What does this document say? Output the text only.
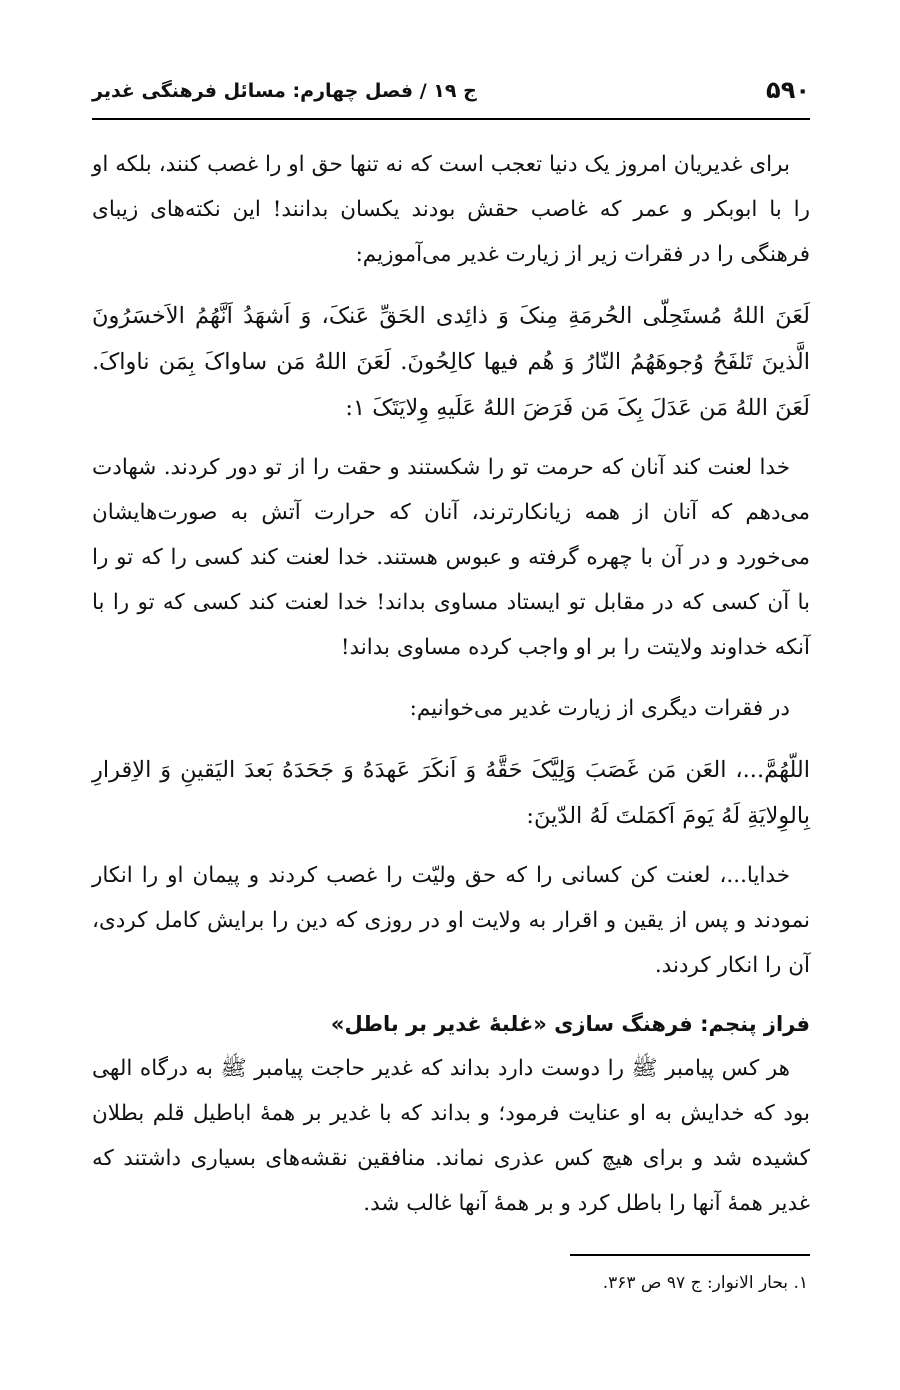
۵۹۰
ج ۱۹ / فصل چهارم: مسائل فرهنگی غدیر

برای غدیریان امروز یک دنیا تعجب است که نه تنها حق او را غصب کنند، بلکه او را با ابوبکر و عمر که غاصب حقش بودند یکسان بدانند! این نکته‌های زیبای فرهنگی را در فقرات زیر از زیارت غدیر می‌آموزیم:

لَعَنَ اللهُ مُستَحِلّی الحُرمَةِ مِنکَ وَ ذائِدی الحَقِّ عَنکَ، وَ اَشهَدُ اَنَّهُمُ الاَخسَرُونَ الَّذینَ تَلفَحُ وُجوهَهُمُ النّارُ وَ هُم فیها کالِحُونَ. لَعَنَ اللهُ مَن ساواکَ بِمَن ناواکَ. لَعَنَ اللهُ مَن عَدَلَ بِکَ مَن فَرَضَ اللهُ عَلَیهِ وِلایَتَکَ ۱:

خدا لعنت کند آنان که حرمت تو را شکستند و حقت را از تو دور کردند. شهادت می‌دهم که آنان از همه زیانکارترند، آنان که حرارت آتش به صورت‌هایشان می‌خورد و در آن با چهره گرفته و عبوس هستند. خدا لعنت کند کسی را که تو را با آن کسی که در مقابل تو ایستاد مساوی بداند! خدا لعنت کند کسی که تو را با آنکه خداوند ولایتت را بر او واجب کرده مساوی بداند!

در فقرات دیگری از زیارت غدیر می‌خوانیم:

اللّهُمَّ...، العَن مَن غَصَبَ وَلِیَّکَ حَقَّهُ وَ اَنکَرَ عَهدَهُ وَ جَحَدَهُ بَعدَ الیَقینِ وَ الاِقرارِ بِالوِلایَةِ لَهُ یَومَ اَکمَلتَ لَهُ الدّینَ:

خدایا...، لعنت کن کسانی را که حق ولیّت را غصب کردند و پیمان او را انکار نمودند و پس از یقین و اقرار به ولایت او در روزی که دین را برایش کامل کردی، آن را انکار کردند.

فراز پنجم: فرهنگ سازی «غلبهٔ غدیر بر باطل»

هر کس پیامبر ﷺ را دوست دارد بداند که غدیر حاجت پیامبر ﷺ به درگاه الهی بود که خدایش به او عنایت فرمود؛ و بداند که با غدیر بر همهٔ اباطیل قلم بطلان کشیده شد و برای هیچ کس عذری نماند. منافقین نقشه‌های بسیاری داشتند که غدیر همهٔ آنها را باطل کرد و بر همهٔ آنها غالب شد.

۱. بحار الانوار: ج ۹۷ ص ۳۶۳.
